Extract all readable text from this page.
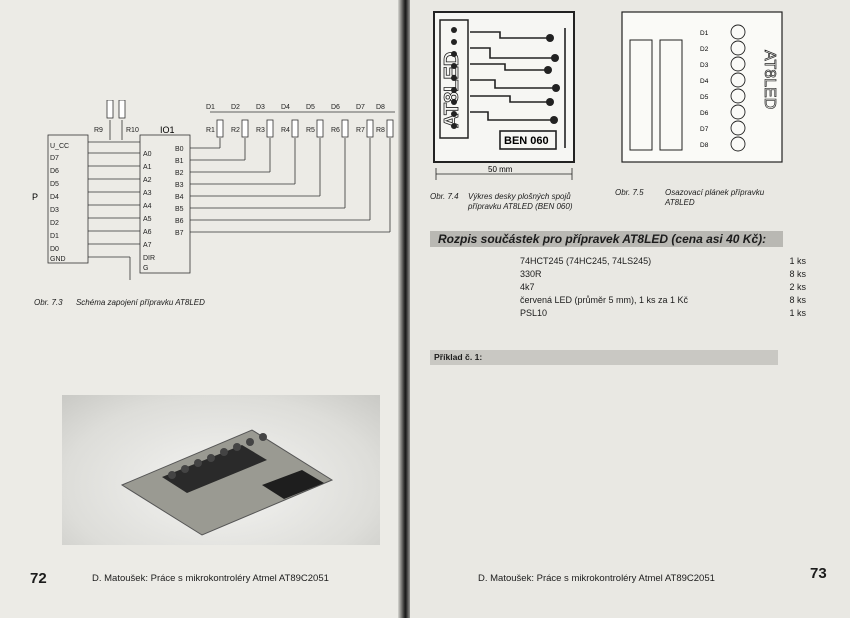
P
IO1
U_CC
D7
D6
D5
D4
D3
D2
D1
D0
GND
A0
A1
A2
A3
A4
A5
A6
A7
B0
B1
B2
B3
B4
B5
B6
B7
DIR
G
R9	R10	R1 R2 R3 R4 R5 R6 R7 R8
D1 D2 D3 D4 D5 D6 D7 D8
Obr. 7.3 Schéma zapojení přípravku AT8LED
D. Matoušek: Práce s mikrokontroléry Atmel AT89C2051
72
BEN 060
AT8LED
50 mm
D1
D2
D3
D4
D5
D6
D7
D8
AT8LED
Obr. 7.4	Výkres desky plošných spojů přípravku AT8LED (BEN 060)
Obr. 7.5	Osazovací plánek přípravku AT8LED
Rozpis součástek pro přípravek AT8LED (cena asi 40 Kč):
74HCT245 (74HC245, 74LS245)	1 ks
330R	8 ks
4k7	2 ks
červená LED (průměr 5 mm), 1 ks za 1 Kč	8 ks
PSL10	1 ks
Příklad č. 1:
D. Matoušek: Práce s mikrokontroléry Atmel AT89C2051	73
